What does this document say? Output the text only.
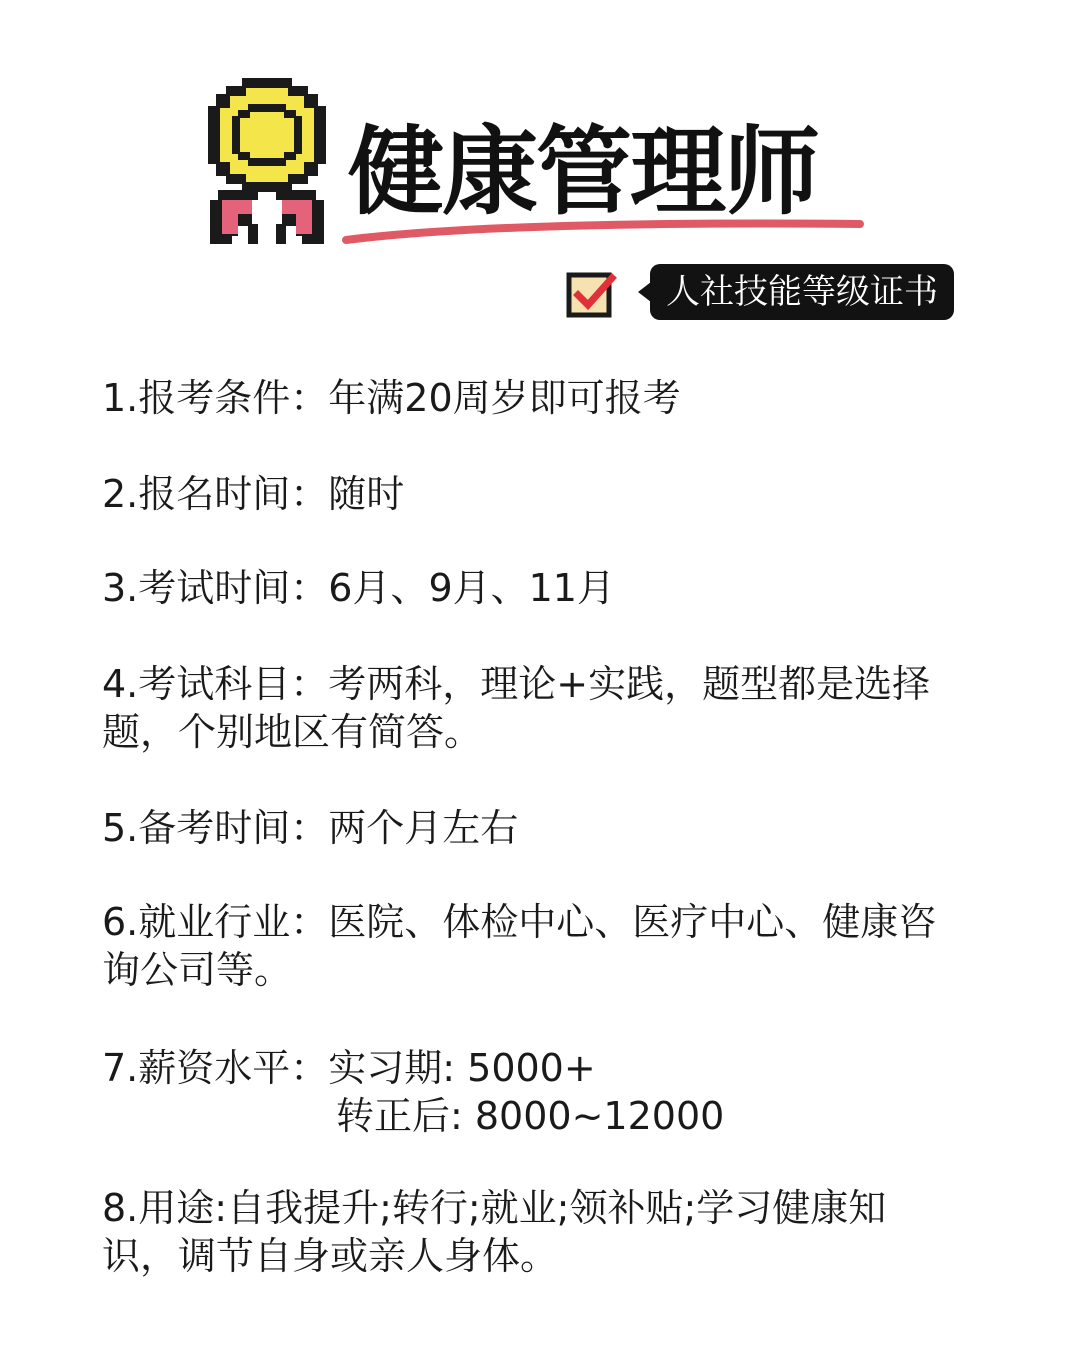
健康管理师
人社技能等级证书
1.报考条件：年满20周岁即可报考
2.报名时间：随时
3.考试时间：6月、9月、11月
4.考试科目：考两科，理论+实践，题型都是选择
题，个别地区有简答。
5.备考时间：两个月左右
6.就业行业：医院、体检中心、医疗中心、健康咨
询公司等。
7.薪资水平：实习期: 5000+
转正后: 8000~12000
8.用途:自我提升;转行;就业;领补贴;学习健康知
识，调节自身或亲人身体。
